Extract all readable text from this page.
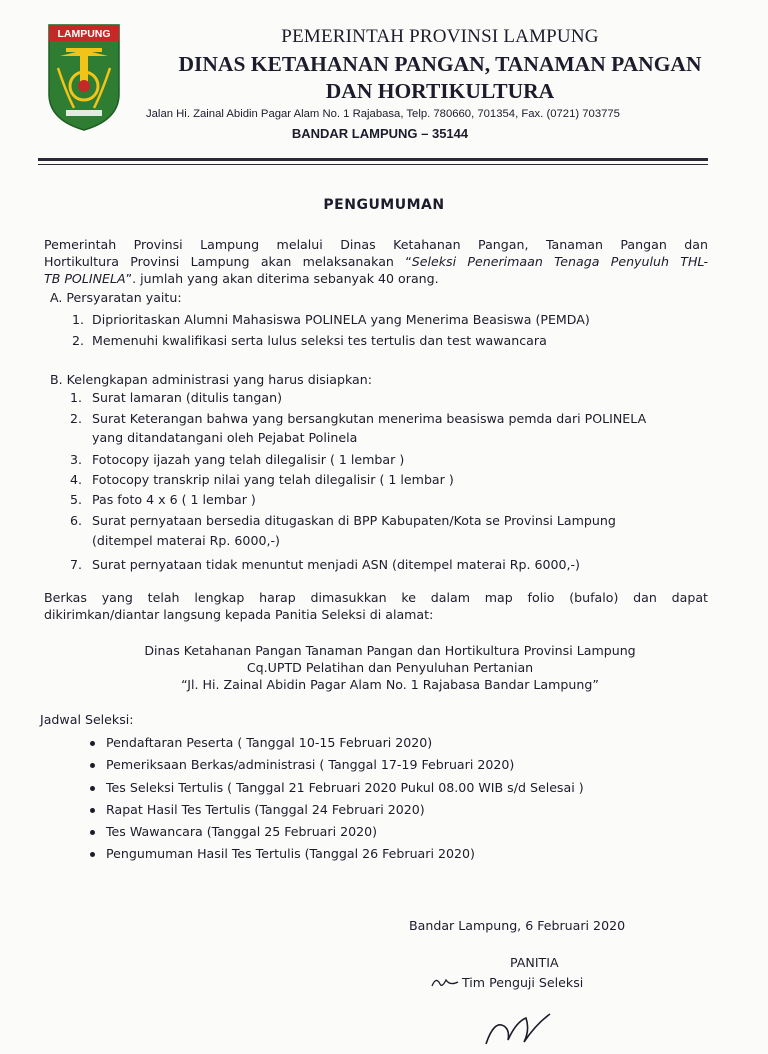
LAMPUNG	PEMERINTAH PROVINSI LAMPUNG
DINAS KETAHANAN PANGAN, TANAMAN PANGAN
DAN HORTIKULTURA
Jalan Hi. Zainal Abidin Pagar Alam No. 1 Rajabasa, Telp. 780660, 701354, Fax. (0721) 703775
BANDAR LAMPUNG – 35144
PENGUMUMAN
Pemerintah Provinsi Lampung melalui Dinas Ketahanan Pangan, Tanaman Pangan dan
Hortikultura Provinsi Lampung akan melaksanakan “Seleksi Penerimaan Tenaga Penyuluh THL-
TB POLINELA”. jumlah yang akan diterima sebanyak 40 orang.
A. Persyaratan yaitu:
1. Diprioritaskan Alumni Mahasiswa POLINELA yang Menerima Beasiswa (PEMDA)
2. Memenuhi kwalifikasi serta lulus seleksi tes tertulis dan test wawancara
B. Kelengkapan administrasi yang harus disiapkan:
1. Surat lamaran (ditulis tangan)
2. Surat Keterangan bahwa yang bersangkutan menerima beasiswa pemda dari POLINELA
yang ditandatangani oleh Pejabat Polinela
3. Fotocopy ijazah yang telah dilegalisir ( 1 lembar )
4. Fotocopy transkrip nilai yang telah dilegalisir ( 1 lembar )
5. Pas foto 4 x 6 ( 1 lembar )
6. Surat pernyataan bersedia ditugaskan di BPP Kabupaten/Kota se Provinsi Lampung
(ditempel materai Rp. 6000,-)
7. Surat pernyataan tidak menuntut menjadi ASN (ditempel materai Rp. 6000,-)
Berkas yang telah lengkap harap dimasukkan ke dalam map folio (bufalo) dan dapat
dikirimkan/diantar langsung kepada Panitia Seleksi di alamat:
Dinas Ketahanan Pangan Tanaman Pangan dan Hortikultura Provinsi Lampung
Cq.UPTD Pelatihan dan Penyuluhan Pertanian
“Jl. Hi. Zainal Abidin Pagar Alam No. 1 Rajabasa Bandar Lampung”
Jadwal Seleksi:
Pendaftaran Peserta ( Tanggal 10-15 Februari 2020)
Pemeriksaan Berkas/administrasi ( Tanggal 17-19 Februari 2020)
Tes Seleksi Tertulis ( Tanggal 21 Februari 2020 Pukul 08.00 WIB s/d Selesai )
Rapat Hasil Tes Tertulis (Tanggal 24 Februari 2020)
Tes Wawancara (Tanggal 25 Februari 2020)
Pengumuman Hasil Tes Tertulis (Tanggal 26 Februari 2020)
Bandar Lampung, 6 Februari 2020
PANITIA
Tim Penguji Seleksi
